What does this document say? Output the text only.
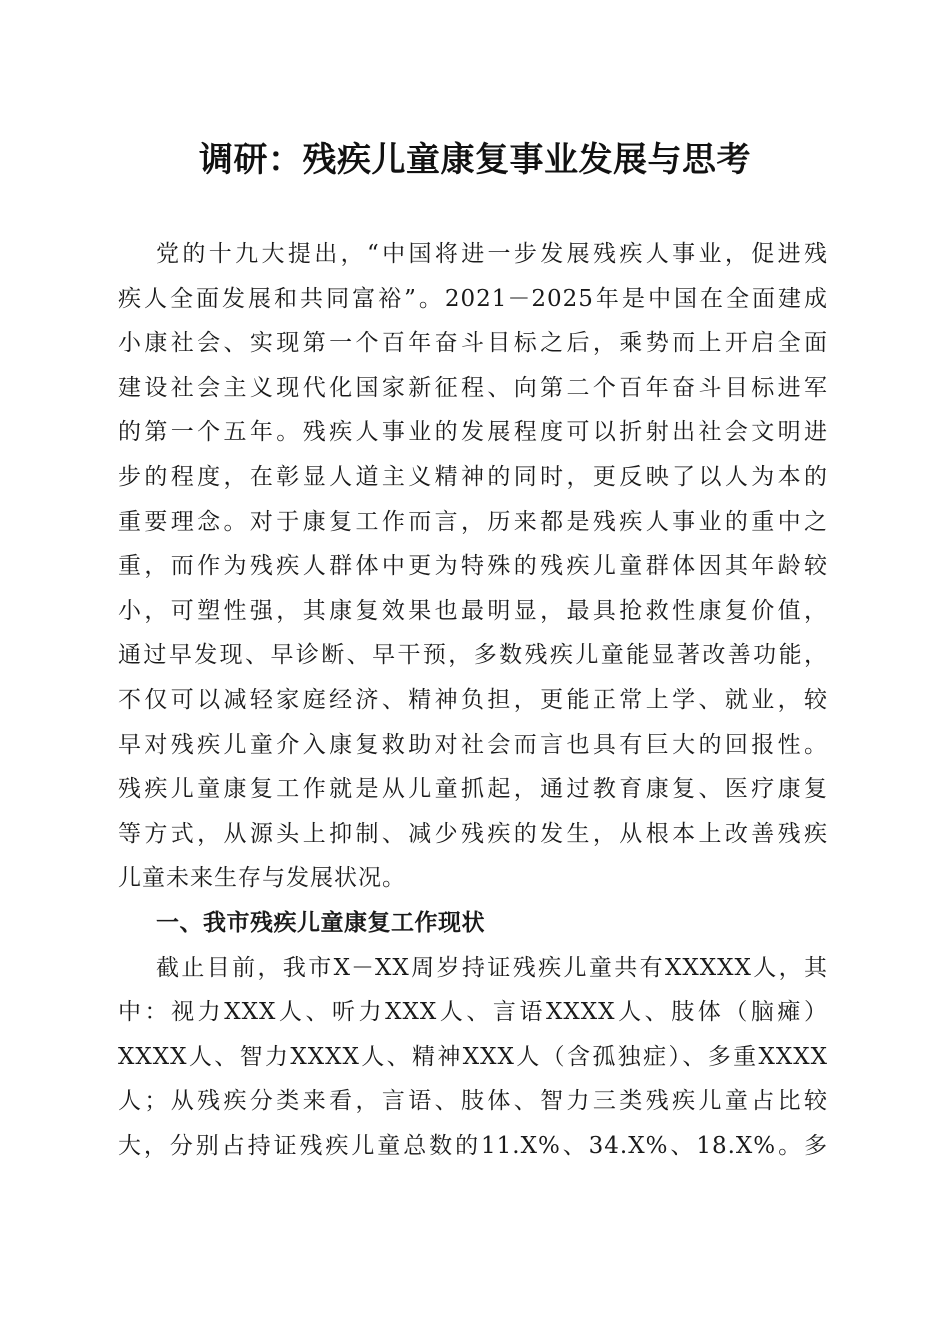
调研：残疾儿童康复事业发展与思考
党的十九大提出，“中国将进一步发展残疾人事业，促进残
疾人全面发展和共同富裕”。2021－2025年是中国在全面建成
小康社会、实现第一个百年奋斗目标之后，乘势而上开启全面
建设社会主义现代化国家新征程、向第二个百年奋斗目标进军
的第一个五年。残疾人事业的发展程度可以折射出社会文明进
步的程度，在彰显人道主义精神的同时，更反映了以人为本的
重要理念。对于康复工作而言，历来都是残疾人事业的重中之
重，而作为残疾人群体中更为特殊的残疾儿童群体因其年龄较
小，可塑性强，其康复效果也最明显，最具抢救性康复价值，
通过早发现、早诊断、早干预，多数残疾儿童能显著改善功能，
不仅可以减轻家庭经济、精神负担，更能正常上学、就业，较
早对残疾儿童介入康复救助对社会而言也具有巨大的回报性。
残疾儿童康复工作就是从儿童抓起，通过教育康复、医疗康复
等方式，从源头上抑制、减少残疾的发生，从根本上改善残疾
儿童未来生存与发展状况。
一、我市残疾儿童康复工作现状
截止目前，我市X－XX周岁持证残疾儿童共有XXXXX人，其
中：视力XXX人、听力XXX人、言语XXXX人、肢体（脑瘫）
XXXX人、智力XXXX人、精神XXX人（含孤独症）、多重XXXX
人；从残疾分类来看，言语、肢体、智力三类残疾儿童占比较
大，分别占持证残疾儿童总数的11.X%、34.X%、18.X%。多
